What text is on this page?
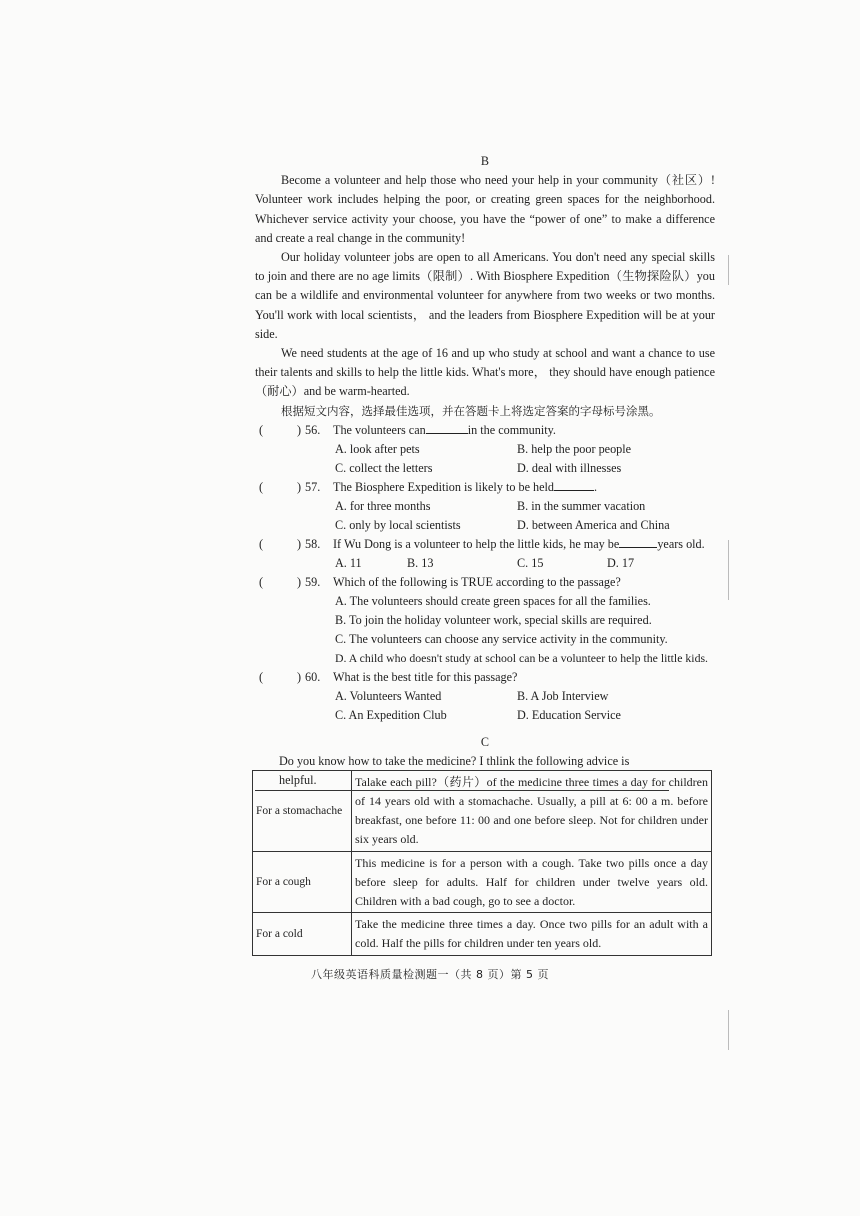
B

Become a volunteer and help those who need your help in your community（社区）! Volunteer work includes helping the poor, or creating green spaces for the neighborhood. Whichever service activity your choose, you have the “power of one” to make a difference and create a real change in the community!

Our holiday volunteer jobs are open to all Americans. You don't need any special skills to join and there are no age limits（限制）. With Biosphere Expedition（生物探险队）you can be a wildlife and environmental volunteer for anywhere from two weeks or two months. You'll work with local scientists， and the leaders from Biosphere Expedition will be at your side.

We need students at the age of 16 and up who study at school and want a chance to use their talents and skills to help the little kids. What's more， they should have enough patience（耐心）and be warm-hearted.

根据短文内容，选择最佳选项，并在答题卡上将选定答案的字母标号涂黑。

(	) 56. The volunteers can	in the community.
A. look after pets	B. help the poor people
C. collect the letters	D. deal with illnesses
(	) 57. The Biosphere Expedition is likely to be held	.
A. for three months	B. in the summer vacation
C. only by local scientists	D. between America and China
(	) 58. If Wu Dong is a volunteer to help the little kids, he may be	years old.
A. 11	B. 13	C. 15	D. 17
(	) 59. Which of the following is TRUE according to the passage?
A. The volunteers should create green spaces for all the families.
B. To join the holiday volunteer work, special skills are required.
C. The volunteers can choose any service activity in the community.
D. A child who doesn't study at school can be a volunteer to help the little kids.
(	) 60. What is the best title for this passage?
A. Volunteers Wanted	B. A Job Interview
C. An Expedition Club	D. Education Service
C

Do you know how to take the medicine? I thlink the following advice is helpful.

For a stomachache	Talake each pill?（药片）of the medicine three times a day for children of 14 years old with a stomachache. Usually, a pill at 6: 00 a m. before breakfast, one before 11: 00 and one before sleep. Not for children under six years old.
For a cough	This medicine is for a person with a cough. Take two pills once a day before sleep for adults. Half for children under twelve years old. Children with a bad cough, go to see a doctor.
For a cold	Take the medicine three times a day. Once two pills for an adult with a cold. Half the pills for children under ten years old.
八年级英语科质量检测题一（共 8 页）第 5 页
